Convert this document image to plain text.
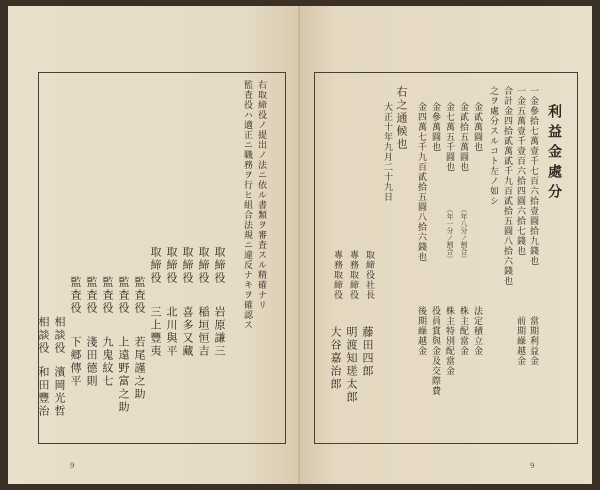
右取締役ノ提出ノ法ニ依ル書類ヲ審査スル精確ナリ
監査役ハ適正ニ職務ヲ行ヒ組合法規ニ違反ナキヲ確認ス
取締役
岩原謙三
取締役
稲垣恒吉
取締役
喜多又藏
取締役
北川與平
取締役
三上豐夷
監査役
若尾謹之助
監査役
上遠野富之助
監査役
九鬼紋七
監査役
淺田德則
監査役
下郷傳平
相談役
濱岡光哲
相談役
和田豐治
9
利益金處分
一金參拾七萬壹千七百六拾壹圓拾九錢也
當期利益金
一金五萬壹千壹百六拾四圓六拾七錢也
前期繰越金
合計金四拾貳萬貳千九百貳拾五圓八拾六錢也
之ヲ處分スルコト左ノ如シ
金貳萬圓也
法定積立金
金貳拾五萬圓也
（年八分ノ割合）
株主配當金
金七萬五千圓也
（年一分ノ割合）
株主特別配當金
金參萬圓也
役員賞與金及交際費
金四萬七千九百貳拾五圓八拾六錢也
後期繰越金
右之通候也
大正十年九月二十九日
取締役社長
藤田四郎
專務取締役
明渡知瑳太郎
專務取締役
大谷嘉治郎
9
